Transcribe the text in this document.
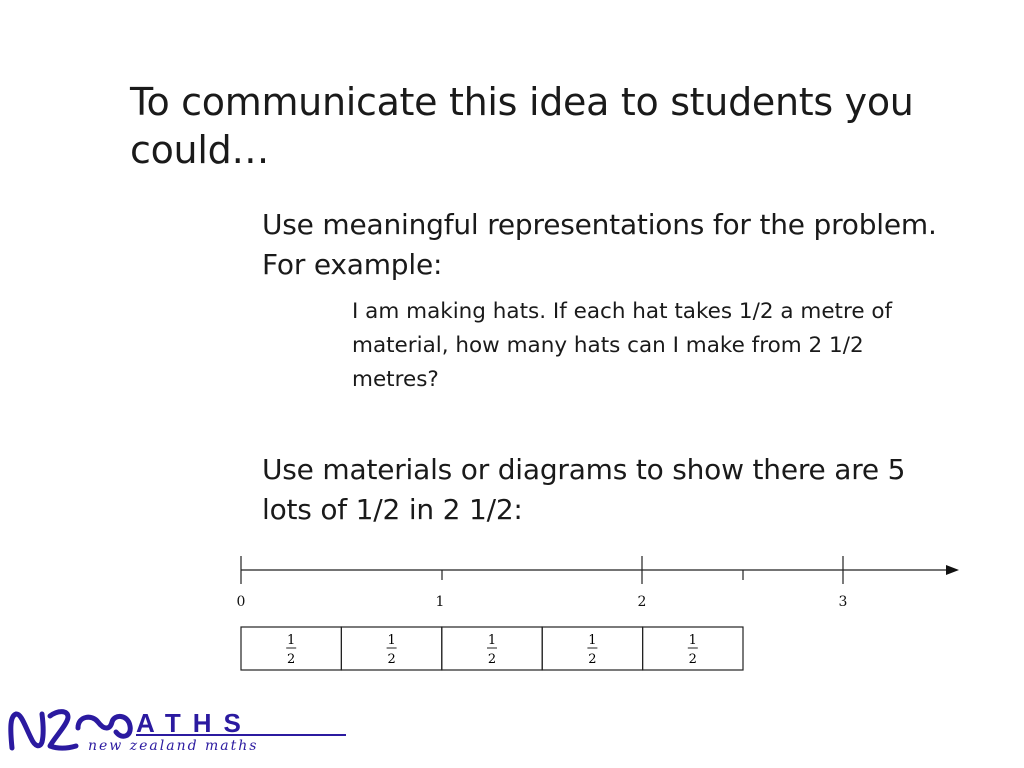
To communicate this idea to students you could…

Use meaningful representations for the problem. For example:

I am making hats. If each hat takes 1/2 a metre of material, how many hats can I make from 2 1/2 metres?

Use materials or diagrams to show there are 5 lots of 1/2 in 2 1/2:

0	1	2	3
1
2
1
2
1
2
1
2
1
2
ATHS
new zealand maths
